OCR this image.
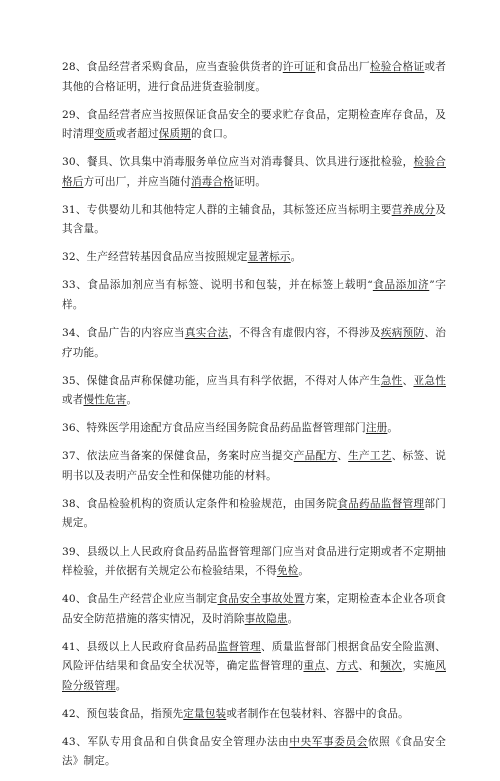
28、食品经营者采购食品，应当查验供货者的许可证和食品出厂检验合格证或者其他的合格证明，进行食品进货查验制度。

29、食品经营者应当按照保证食品安全的要求贮存食品，定期检查库存食品，及时清理变质或者超过保质期的食口。

30、餐具、饮具集中消毒服务单位应当对消毒餐具、饮具进行逐批检验，检验合格后方可出厂，并应当随付消毒合格证明。

31、专供婴幼儿和其他特定人群的主辅食品，其标签还应当标明主要营养成分及其含量。

32、生产经营转基因食品应当按照规定显著标示。

33、食品添加剂应当有标签、说明书和包装，并在标签上载明“食品添加济”字样。

34、食品广告的内容应当真实合法，不得含有虚假内容，不得涉及疾病预防、治疗功能。

35、保健食品声称保健功能，应当具有科学依据，不得对人体产生急性、亚急性或者慢性危害。

36、特殊医学用途配方食品应当经国务院食品药品监督管理部门注册。

37、依法应当备案的保健食品，务案时应当提交产品配方、生产工艺、标签、说明书以及表明产品安全性和保健功能的材料。

38、食品检验机构的资质认定条件和检验规范，由国务院食品药品监督管理部门规定。

39、县级以上人民政府食品药品监督管理部门应当对食品进行定期或者不定期抽样检验，并依据有关规定公布检验结果，不得免检。

40、食品生产经营企业应当制定食品安全事故处置方案，定期检查本企业各项食品安全防范措施的落实情况，及时消除事故隐患。

41、县级以上人民政府食品药品监督管理、质量监督部门根据食品安全险监测、风险评估结果和食品安全状况等，确定监督管理的重点、方式、和频次，实施风险分级管理。

42、预包装食品，指预先定量包装或者制作在包装材料、容器中的食品。

43、军队专用食品和自供食品安全管理办法由中央军事委员会依照《食品安全法》制定。
